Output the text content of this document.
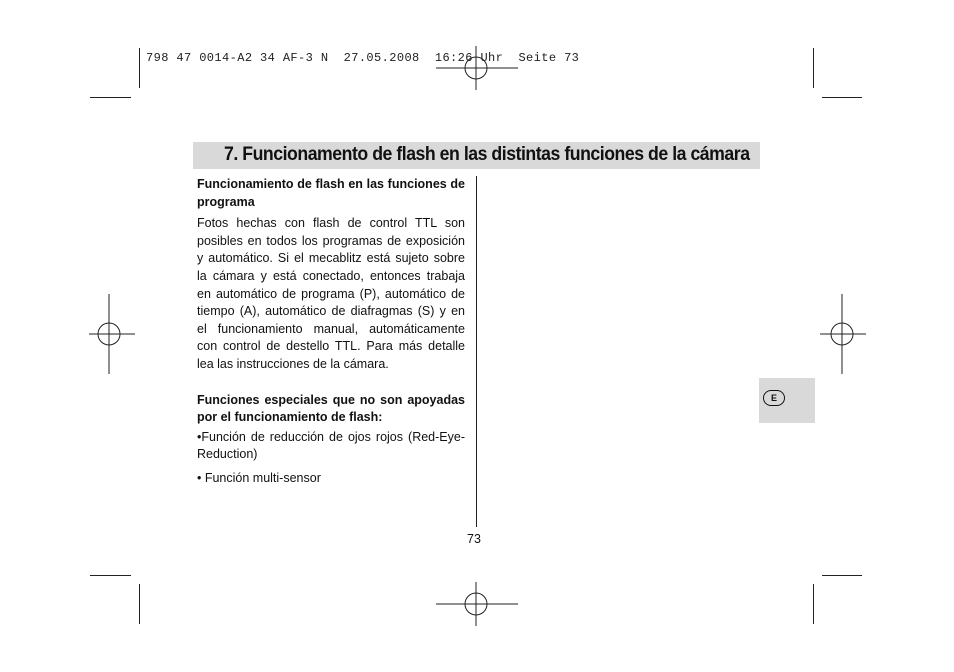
798 47 0014-A2 34 AF-3 N  27.05.2008  16:26 Uhr  Seite 73
7. Funcionamento de flash en las distintas funciones de la cámara
Funcionamiento de flash en las funciones de programa
Fotos hechas con flash de control TTL son posibles en todos los programas de exposición y automático. Si el mecablitz está sujeto sobre la cámara y está conectado, entonces trabaja en automático de programa (P), automático de tiempo (A), automático de diafragmas (S) y en el funcionamiento manual, automáticamente con control de destello TTL. Para más detalle lea las instrucciones de la cámara.
Funciones especiales que no son apoyadas por el funcionamiento de flash:
•Función de reducción de ojos rojos (Red-Eye-Reduction)
• Función multi-sensor
73
E
